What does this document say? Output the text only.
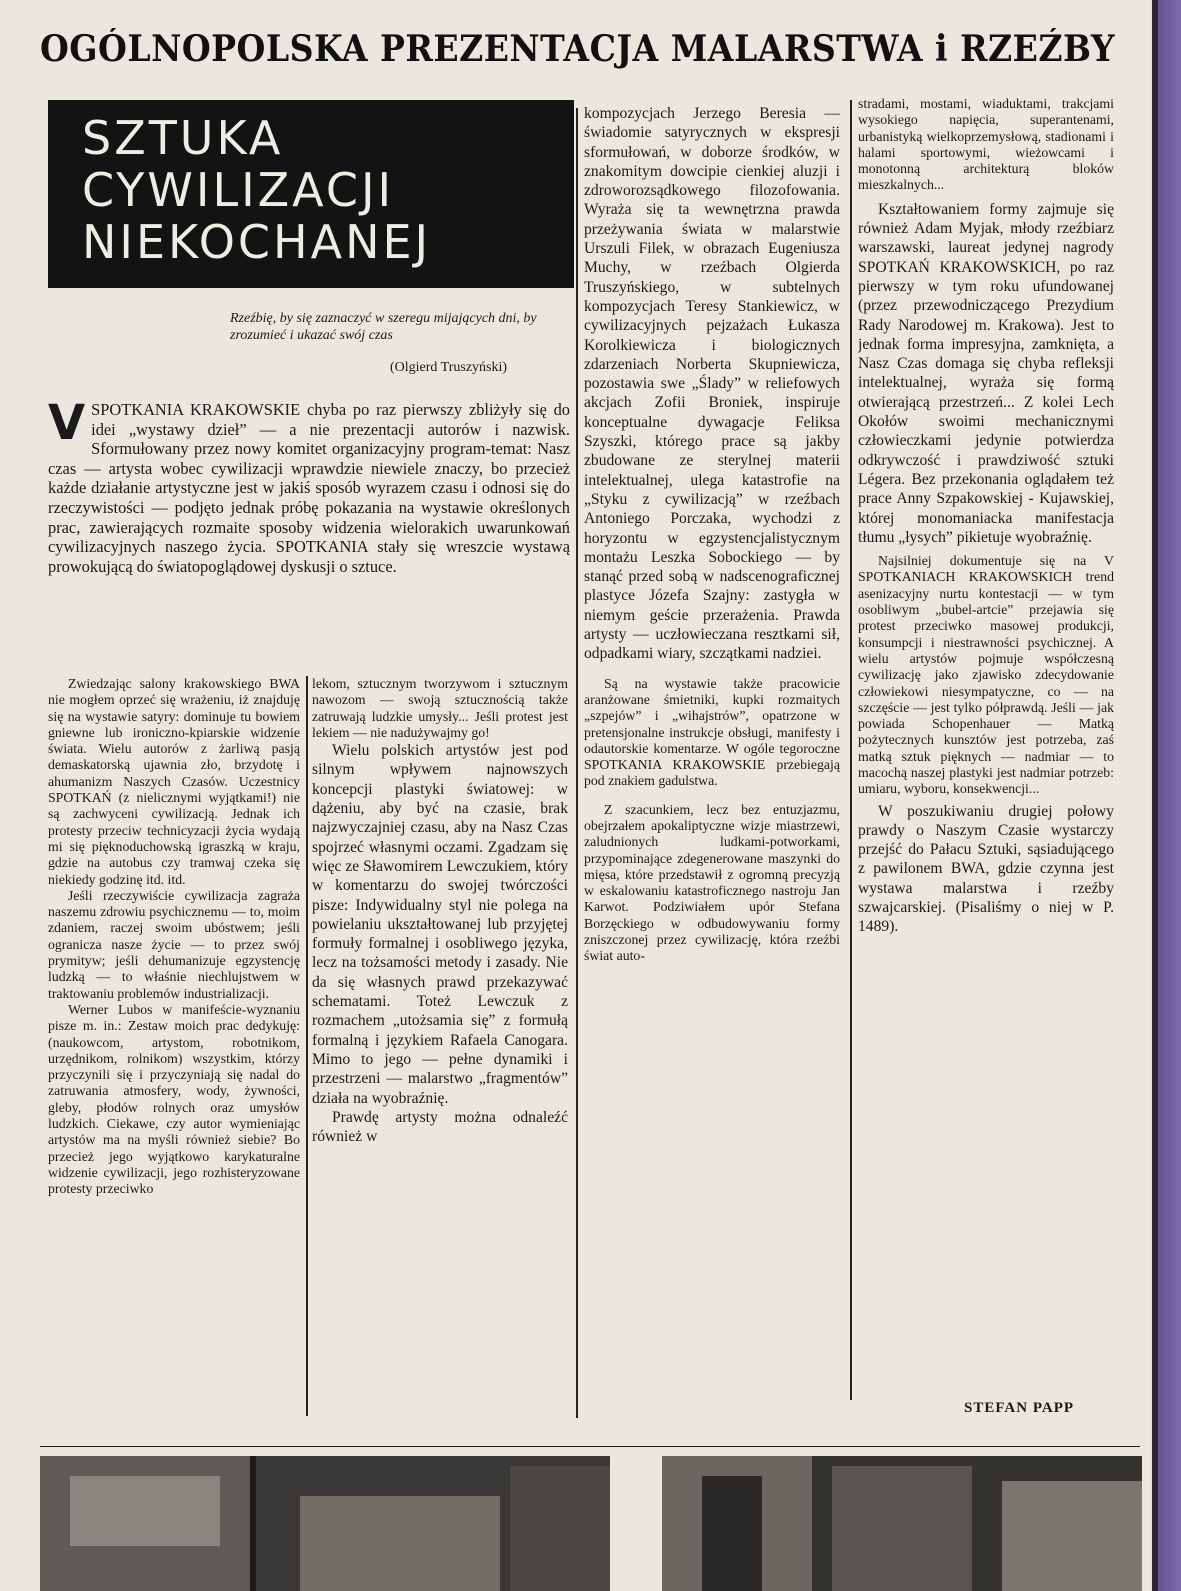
OGÓLNOPOLSKA PREZENTACJA MALARSTWA i RZEŹBY
SZTUKA
CYWILIZACJI
NIEKOCHANEJ
Rzeźbię, by się zaznaczyć w szeregu mijających dni, by zrozumieć i ukazać swój czas
(Olgierd Truszyński)
V SPOTKANIA KRAKOWSKIE chyba po raz pierwszy zbliżyły się do idei „wystawy dzieł” — a nie prezentacji autorów i nazwisk. Sformułowany przez nowy komitet organizacyjny program-temat: Nasz czas — artysta wobec cywilizacji wprawdzie niewiele znaczy, bo przecież każde działanie artystyczne jest w jakiś sposób wyrazem czasu i odnosi się do rzeczywistości — podjęto jednak próbę pokazania na wystawie określonych prac, zawierających rozmaite sposoby widzenia wielorakich uwarunkowań cywilizacyjnych naszego życia. SPOTKANIA stały się wreszcie wystawą prowokującą do światopoglądowej dyskusji o sztuce.

Zwiedzając salony krakowskiego BWA nie mogłem oprzeć się wrażeniu, iż znajduję się na wystawie satyry: dominuje tu bowiem gniewne lub ironiczno-kpiarskie widzenie świata. Wielu autorów z żarliwą pasją demaskatorską ujawnia zło, brzydotę i ahumanizm Naszych Czasów. Uczestnicy SPOTKAŃ (z nielicznymi wyjątkami!) nie są zachwyceni cywilizacją. Jednak ich protesty przeciw technicyzacji życia wydają mi się pięknoduchowską igraszką w kraju, gdzie na autobus czy tramwaj czeka się niekiedy godzinę itd. itd.

Jeśli rzeczywiście cywilizacja zagraża naszemu zdrowiu psychicznemu — to, moim zdaniem, raczej swoim ubóstwem; jeśli ogranicza nasze życie — to przez swój prymityw; jeśli dehumanizuje egzystencję ludzką — to właśnie niechlujstwem w traktowaniu problemów industrializacji.

Werner Lubos w manifeście-wyznaniu pisze m. in.: Zestaw moich prac dedykuję: (naukowcom, artystom, robotnikom, urzędnikom, rolnikom) wszystkim, którzy przyczynili się i przyczyniają się nadal do zatruwania atmosfery, wody, żywności, gleby, płodów rolnych oraz umysłów ludzkich. Ciekawe, czy autor wymieniając artystów ma na myśli również siebie? Bo przecież jego wyjątkowo karykaturalne widzenie cywilizacji, jego rozhisteryzowane protesty przeciwko

lekom, sztucznym tworzywom i sztucznym nawozom — swoją sztucznością także zatruwają ludzkie umysły... Jeśli protest jest lekiem — nie nadużywajmy go!

Wielu polskich artystów jest pod silnym wpływem najnowszych koncepcji plastyki światowej: w dążeniu, aby być na czasie, brak najzwyczajniej czasu, aby na Nasz Czas spojrzeć własnymi oczami. Zgadzam się więc ze Sławomirem Lewczukiem, który w komentarzu do swojej twórczości pisze: Indywidualny styl nie polega na powielaniu ukształtowanej lub przyjętej formuły formalnej i osobliwego języka, lecz na tożsamości metody i zasady. Nie da się własnych prawd przekazywać schematami. Toteż Lewczuk z rozmachem „utożsamia się” z formułą formalną i językiem Rafaela Canogara. Mimo to jego — pełne dynamiki i przestrzeni — malarstwo „fragmentów” działa na wyobraźnię.

Prawdę artysty można odnaleźć również w

kompozycjach Jerzego Beresia — świadomie satyrycznych w ekspresji sformułowań, w doborze środków, w znakomitym dowcipie cienkiej aluzji i zdroworozsądkowego filozofowania. Wyraża się ta wewnętrzna prawda przeżywania świata w malarstwie Urszuli Filek, w obrazach Eugeniusza Muchy, w rzeźbach Olgierda Truszyńskiego, w subtelnych kompozycjach Teresy Stankiewicz, w cywilizacyjnych pejzażach Łukasza Korolkiewicza i biologicznych zdarzeniach Norberta Skupniewicza, pozostawia swe „Ślady” w reliefowych akcjach Zofii Broniek, inspiruje konceptualne dywagacje Feliksa Szyszki, którego prace są jakby zbudowane ze sterylnej materii intelektualnej, ulega katastrofie na „Styku z cywilizacją” w rzeźbach Antoniego Porczaka, wychodzi z horyzontu w egzystencjalistycznym montażu Leszka Sobockiego — by stanąć przed sobą w nadscenograficznej plastyce Józefa Szajny: zastygła w niemym geście przerażenia. Prawda artysty — uczłowieczana resztkami sił, odpadkami wiary, szczątkami nadziei.

Są na wystawie także pracowicie aranżowane śmietniki, kupki rozmaitych „szpejów” i „wihajstrów”, opatrzone w pretensjonalne instrukcje obsługi, manifesty i odautorskie komentarze. W ogóle tegoroczne SPOTKANIA KRAKOWSKIE przebiegają pod znakiem gadulstwa.

Z szacunkiem, lecz bez entuzjazmu, obejrzałem apokaliptyczne wizje miastrzewi, zaludnionych ludkami-potworkami, przypominające zdegenerowane maszynki do mięsa, które przedstawił z ogromną precyzją w eskalowaniu katastroficznego nastroju Jan Karwot. Podziwiałem upór Stefana Borzęckiego w odbudowywaniu formy zniszczonej przez cywilizację, która rzeźbi świat auto-

stradami, mostami, wiaduktami, trakcjami wysokiego napięcia, superantenami, urbanistyką wielkoprzemysłową, stadionami i halami sportowymi, wieżowcami i monotonną architekturą bloków mieszkalnych...

Kształtowaniem formy zajmuje się również Adam Myjak, młody rzeźbiarz warszawski, laureat jedynej nagrody SPOTKAŃ KRAKOWSKICH, po raz pierwszy w tym roku ufundowanej (przez przewodniczącego Prezydium Rady Narodowej m. Krakowa). Jest to jednak forma impresyjna, zamknięta, a Nasz Czas domaga się chyba refleksji intelektualnej, wyraża się formą otwierającą przestrzeń... Z kolei Lech Okołów swoimi mechanicznymi człowieczkami jedynie potwierdza odkrywczość i prawdziwość sztuki Légera. Bez przekonania oglądałem też prace Anny Szpakowskiej - Kujawskiej, której monomaniacka manifestacja tłumu „łysych” pikietuje wyobraźnię.

Najsilniej dokumentuje się na V SPOTKANIACH KRAKOWSKICH trend asenizacyjny nurtu kontestacji — w tym osobliwym „bubel-artcie” przejawia się protest przeciwko masowej produkcji, konsumpcji i niestrawności psychicznej. A wielu artystów pojmuje współczesną cywilizację jako zjawisko zdecydowanie człowiekowi niesympatyczne, co — na szczęście — jest tylko półprawdą. Jeśli — jak powiada Schopenhauer — Matką pożytecznych kunsztów jest potrzeba, zaś matką sztuk pięknych — nadmiar — to macochą naszej plastyki jest nadmiar potrzeb: umiaru, wyboru, konsekwencji...

W poszukiwaniu drugiej połowy prawdy o Naszym Czasie wystarczy przejść do Pałacu Sztuki, sąsiadującego z pawilonem BWA, gdzie czynna jest wystawa malarstwa i rzeźby szwajcarskiej. (Pisaliśmy o niej w P. 1489).

STEFAN PAPP
